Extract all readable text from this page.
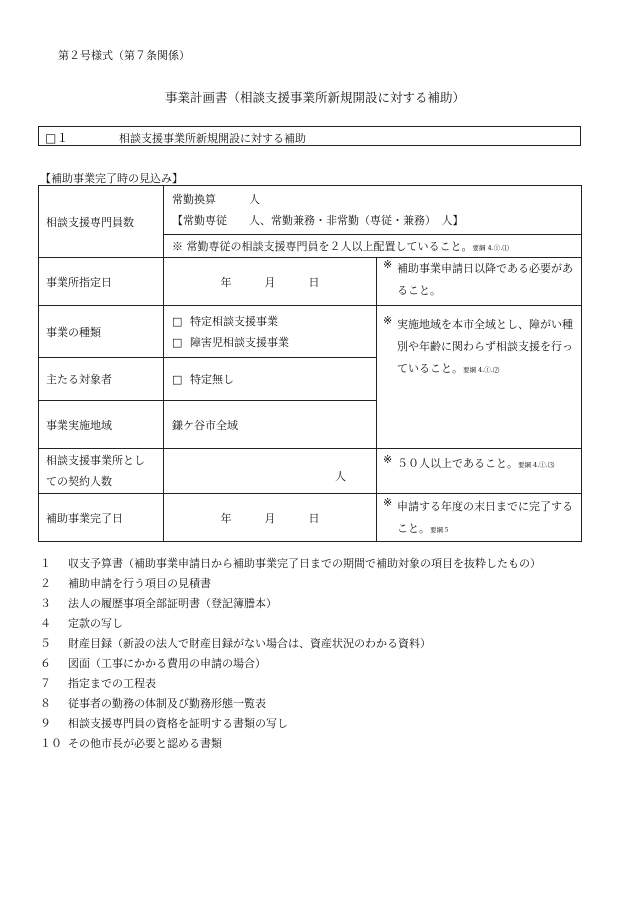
第２号様式（第７条関係）
事業計画書（相談支援事業所新規開設に対する補助）
□１	相談支援事業所新規開設に対する補助
【補助事業完了時の見込み】
相談支援専門員数	常勤換算　　　人
【常勤専従　　人、常勤兼務・非常勤（専従・兼務）　人】	

	※ 常勤専従の相談支援専門員を２人以上配置していること。要綱 4.①.⑴	
事業所指定日	年　　　月　　　日	※ 補助事業申請日以降である必要があること。

事業の種類	□ 特定相談支援事業
□ 障害児相談支援事業	※ 実施地域を本市全域とし、障がい種別や年齢に関わらず相談支援を行っていること。要綱 4.①.⑵

主たる対象者	□ 特定無し	
事業実施地域	鎌ケ谷市全域	

相談支援事業所とし
ての契約人数	人	※ ５０人以上であること。要綱 4.①.⑶

補助事業完了日	年　　　月　　　日	※ 申請する年度の末日までに完了すること。要綱５
１	収支予算書（補助事業申請日から補助事業完了日までの期間で補助対象の項目を抜粋したもの）
２	補助申請を行う項目の見積書
３	法人の履歴事項全部証明書（登記簿謄本）
４	定款の写し
５	財産目録（新設の法人で財産目録がない場合は、資産状況のわかる資料）
６	図面（工事にかかる費用の申請の場合）
７	指定までの工程表
８	従事者の勤務の体制及び勤務形態一覧表
９	相談支援専門員の資格を証明する書類の写し
１０ その他市長が必要と認める書類
